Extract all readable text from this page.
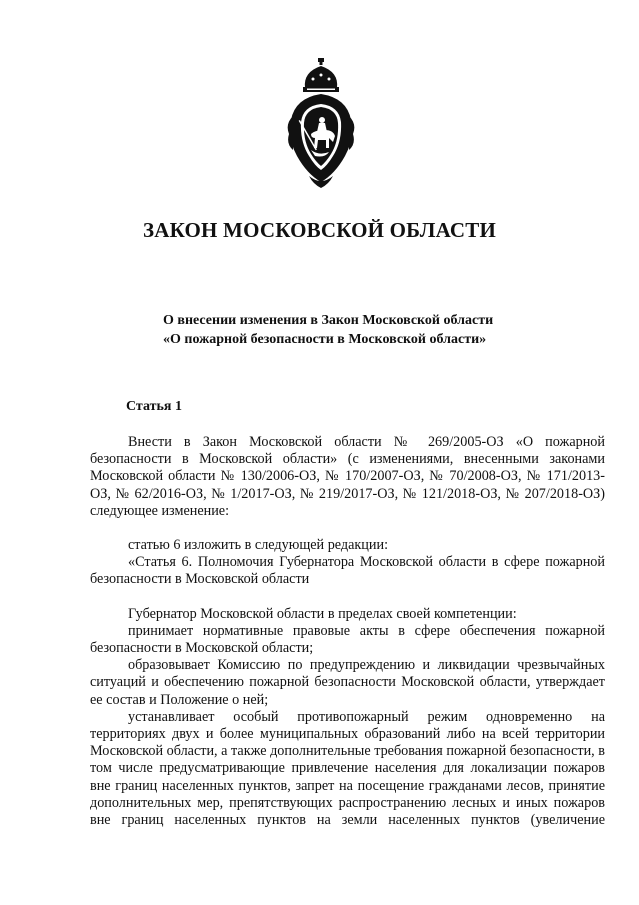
ЗАКОН МОСКОВСКОЙ ОБЛАСТИ
О внесении изменения в Закон Московской области
«О пожарной безопасности в Московской области»
Статья 1

Внести в Закон Московской области № 269/2005-ОЗ «О пожарной безопасности в Московской области» (с изменениями, внесенными законами Московской области № 130/2006-ОЗ, № 170/2007-ОЗ, № 70/2008-ОЗ, № 171/2013-ОЗ, № 62/2016-ОЗ, № 1/2017-ОЗ, № 219/2017-ОЗ, № 121/2018-ОЗ, № 207/2018-ОЗ) следующее изменение:

статью 6 изложить в следующей редакции:

«Статья 6. Полномочия Губернатора Московской области в сфере пожарной безопасности в Московской области

Губернатор Московской области в пределах своей компетенции:

принимает нормативные правовые акты в сфере обеспечения пожарной безопасности в Московской области;

образовывает Комиссию по предупреждению и ликвидации чрезвычайных ситуаций и обеспечению пожарной безопасности Московской области, утверждает ее состав и Положение о ней;

устанавливает особый противопожарный режим одновременно на территориях двух и более муниципальных образований либо на всей территории Московской области, а также дополнительные требования пожарной безопасности, в том числе предусматривающие привлечение населения для локализации пожаров вне границ населенных пунктов, запрет на посещение гражданами лесов, принятие дополнительных мер, препятствующих распространению лесных и иных пожаров вне границ населенных пунктов на земли населенных пунктов (увеличение
